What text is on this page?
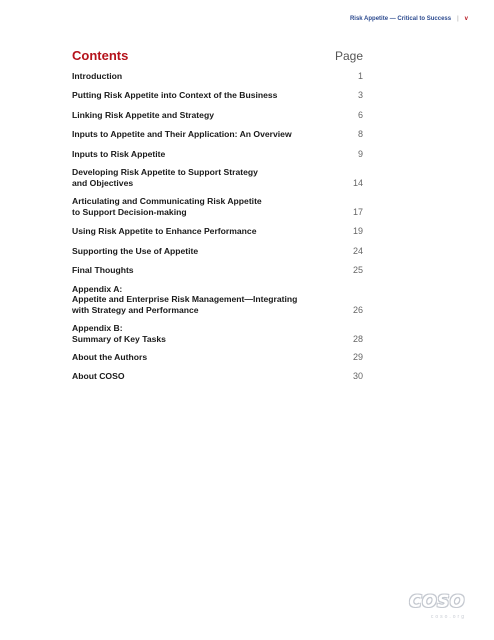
Risk Appetite — Critical to Success | v
Contents	Page
Introduction	1
Putting Risk Appetite into Context of the Business	3
Linking Risk Appetite and Strategy	6
Inputs to Appetite and Their Application: An Overview	8
Inputs to Risk Appetite	9
Developing Risk Appetite to Support Strategy
and Objectives	14
Articulating and Communicating Risk Appetite
to Support Decision-making	17
Using Risk Appetite to Enhance Performance	19
Supporting the Use of Appetite	24
Final Thoughts	25
Appendix A:
Appetite and Enterprise Risk Management—Integrating
with Strategy and Performance	26
Appendix B:
Summary of Key Tasks	28
About the Authors	29
About COSO	30
COSO
coso.org
